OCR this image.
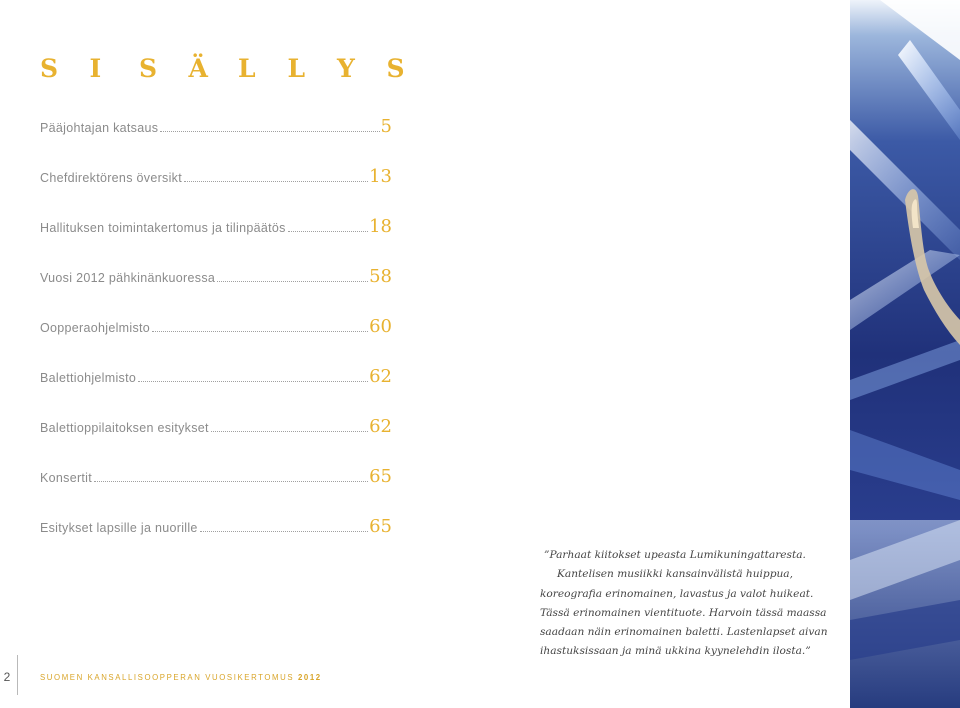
S I S Ä L L Y S
Pääjohtajan katsaus	5
Chefdirektörens översikt	13
Hallituksen toimintakertomus ja tilinpäätös	18
Vuosi 2012 pähkinänkuoressa	58
Oopperaohjelmisto	60
Balettiohjelmisto	62
Balettioppilaitoksen esitykset	62
Konsertit	65
Esitykset lapsille ja nuorille	65
”Parhaat kiitokset upeasta Lumikuningattaresta.
Kantelisen musiikki kansainvälistä huippua,
koreografia erinomainen, lavastus ja valot huikeat.
Tässä erinomainen vientituote. Harvoin tässä maassa
saadaan näin erinomainen baletti. Lastenlapset aivan
ihastuksissaan ja minä ukkina kyynelehdin ilosta.”
2	SUOMEN KANSALLISOOPPERAN VUOSIKERTOMUS 2012
